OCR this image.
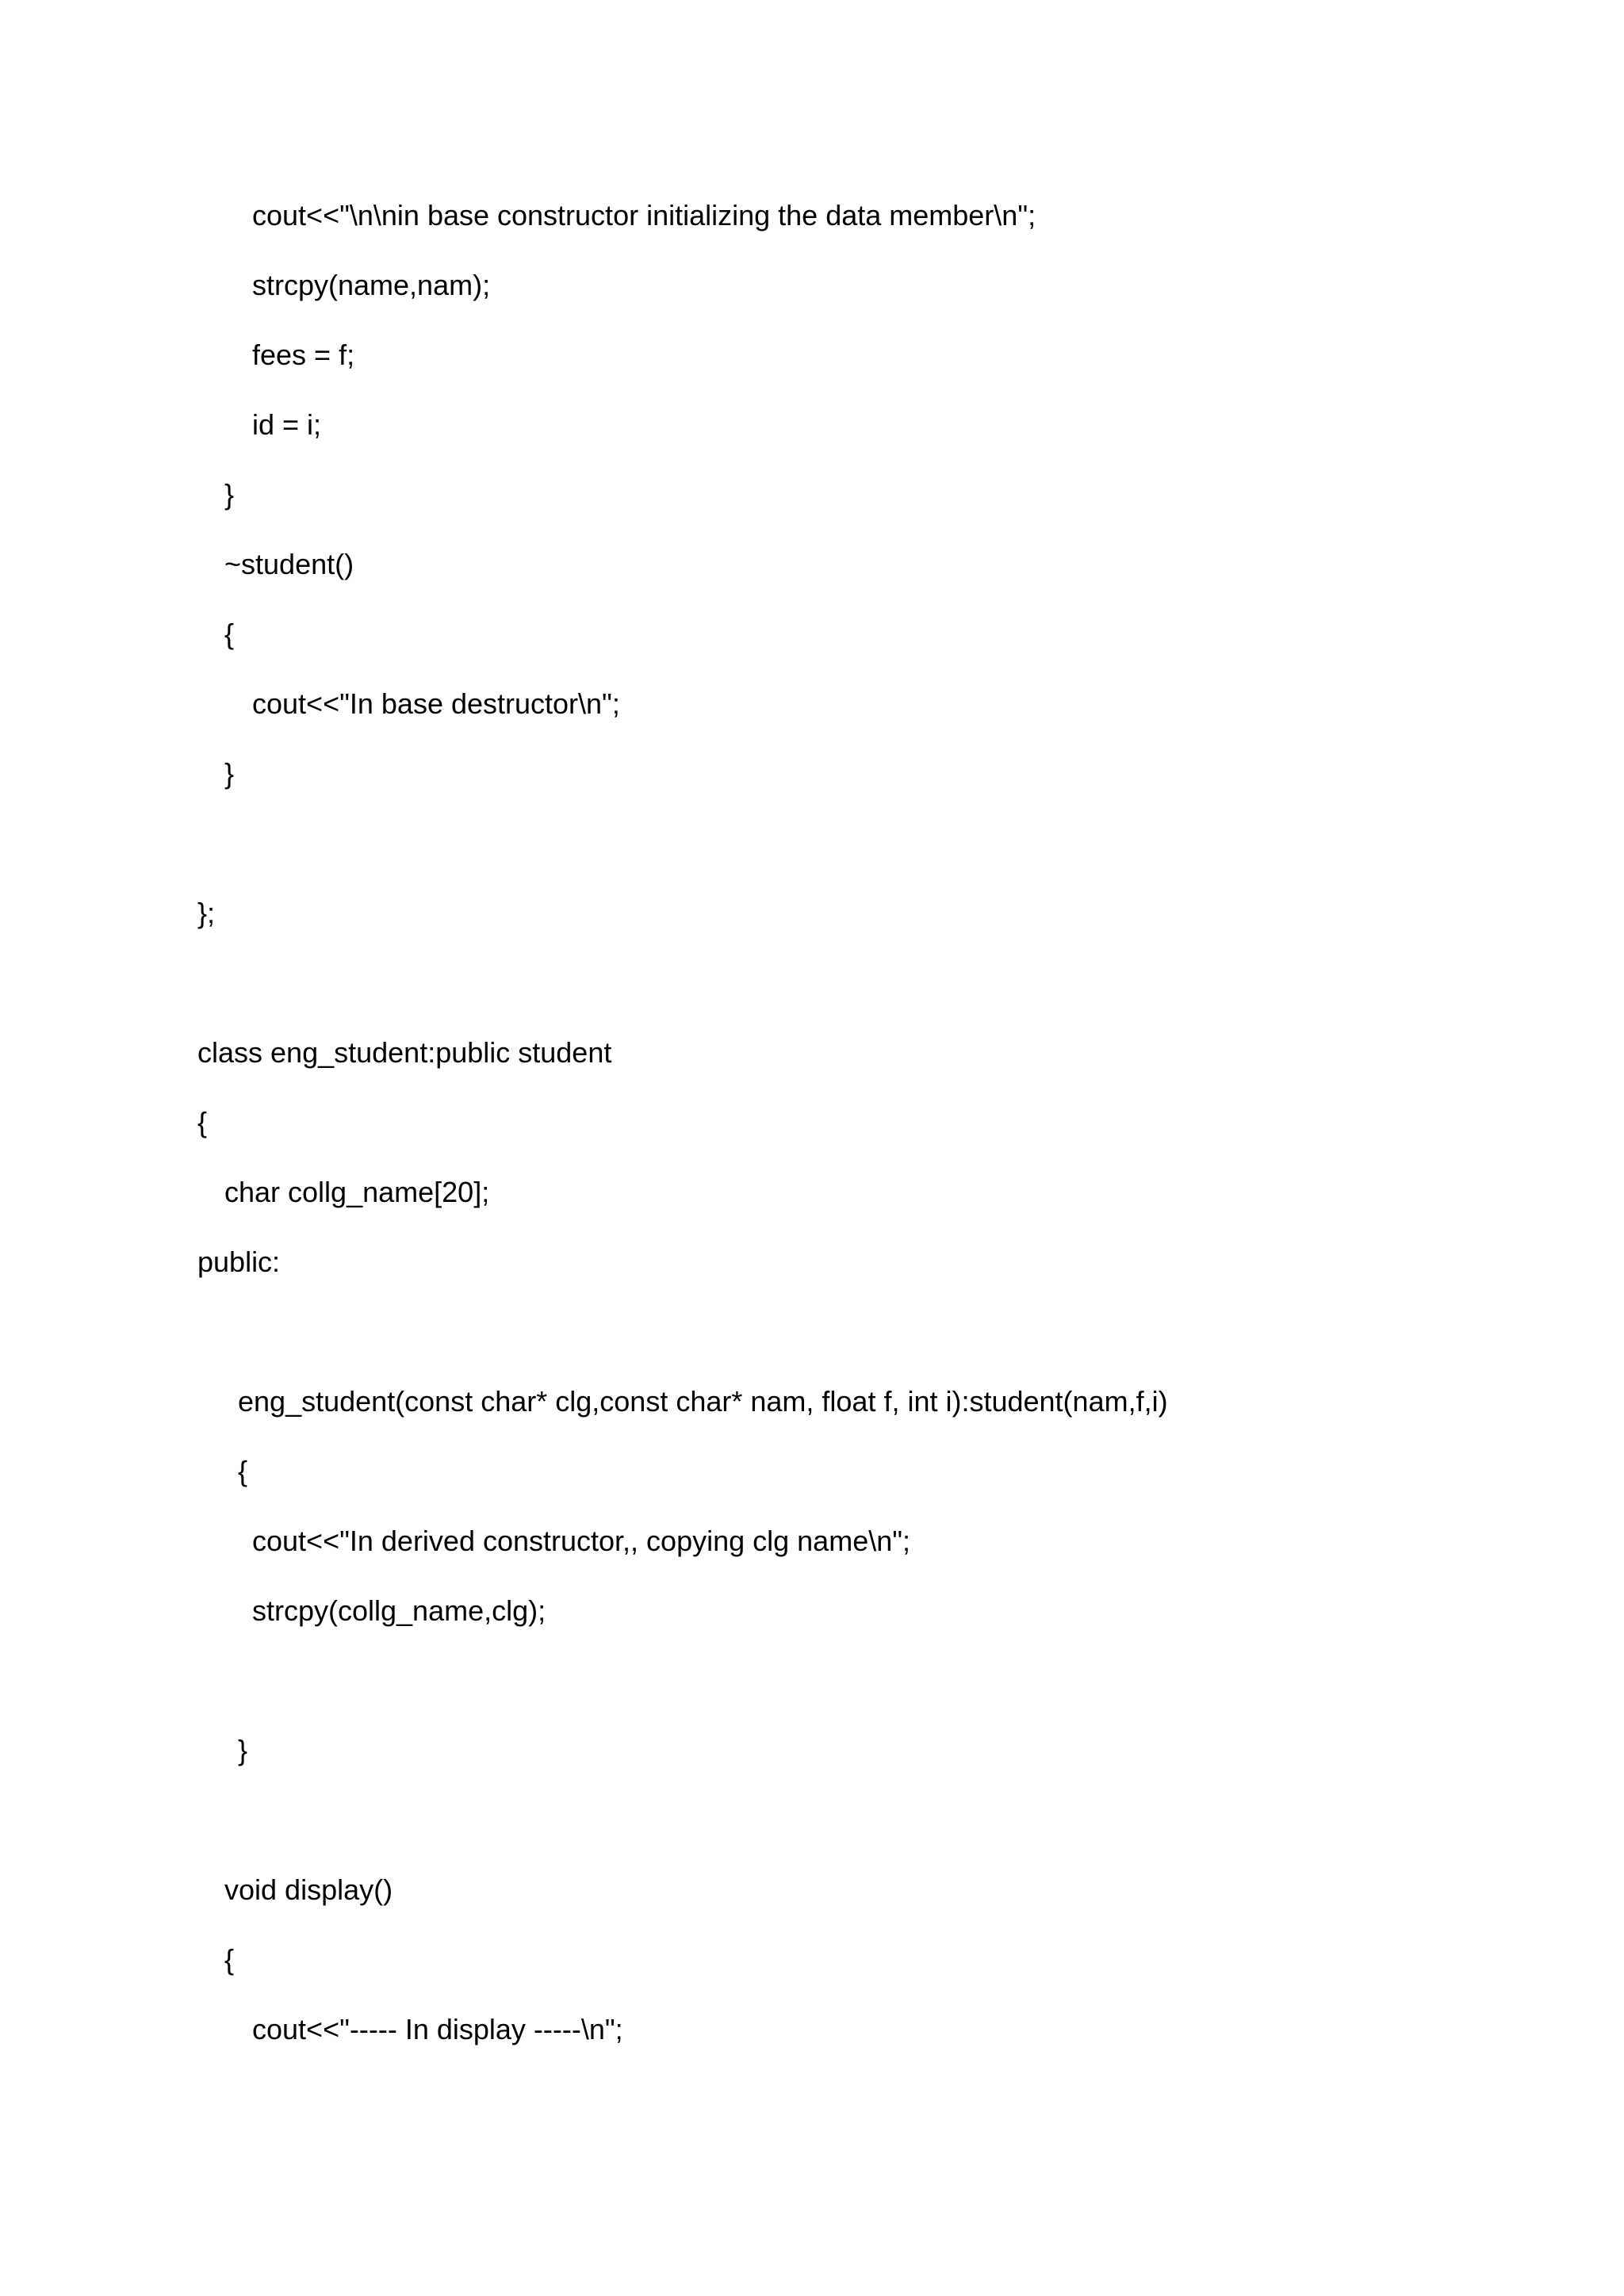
cout<<"\n\nin base constructor initializing the data member\n";
strcpy(name,nam);
fees = f;
id = i;
}
~student()
{
cout<<"In base destructor\n";
}
};
class eng_student:public student
{
char collg_name[20];
public:
eng_student(const char* clg,const char* nam, float f, int i):student(nam,f,i)
{
cout<<"In derived constructor,, copying clg name\n";
strcpy(collg_name,clg);
}
void display()
{
cout<<"----- In display -----\n";
